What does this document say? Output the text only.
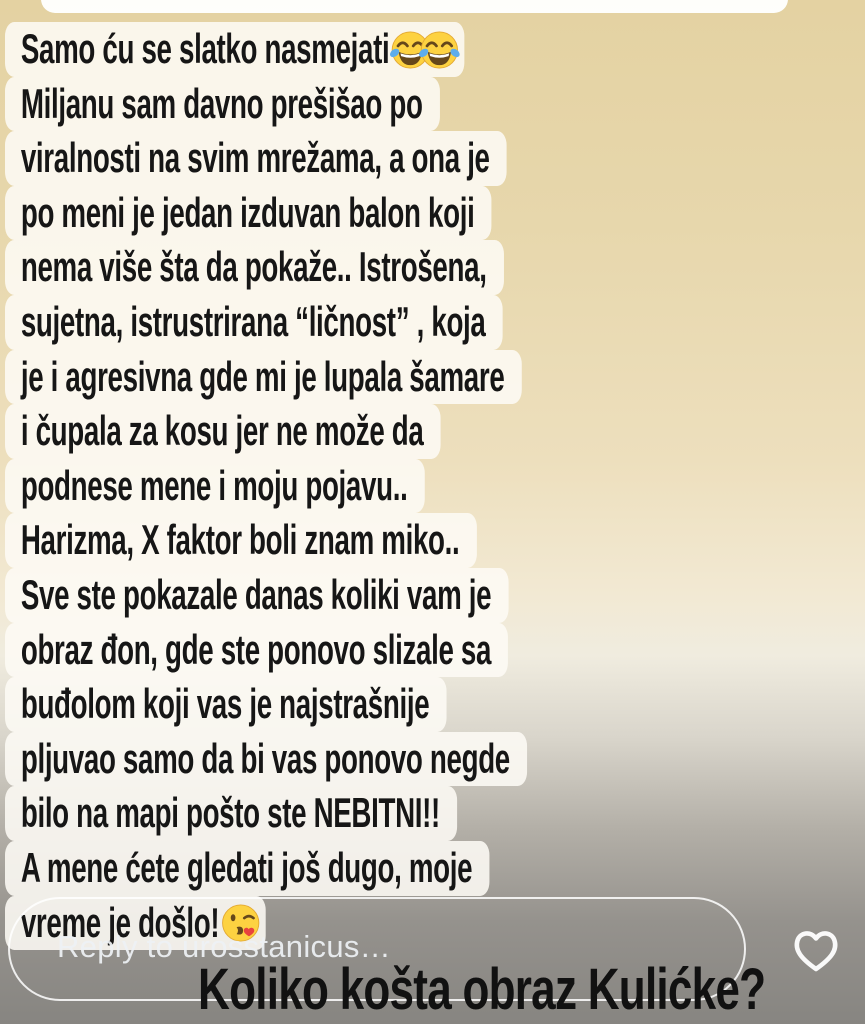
Samo ću se slatko nasmejati
Miljanu sam davno prešišao po
viralnosti na svim mrežama, a ona je
po meni je jedan izduvan balon koji
nema više šta da pokaže.. Istrošena,
sujetna, istrustrirana “ličnost” , koja
je i agresivna gde mi je lupala šamare
i čupala za kosu jer ne može da
podnese mene i moju pojavu..
Harizma, X faktor boli znam miko..
Sve ste pokazale danas koliki vam je
obraz đon, gde ste ponovo slizale sa
buđolom koji vas je najstrašnije
pljuvao samo da bi vas ponovo negde
bilo na mapi pošto ste NEBITNI!!
A mene ćete gledati još dugo, moje
vreme je došlo!
Reply to urosstanicus…
Koliko košta obraz Kulićke?
